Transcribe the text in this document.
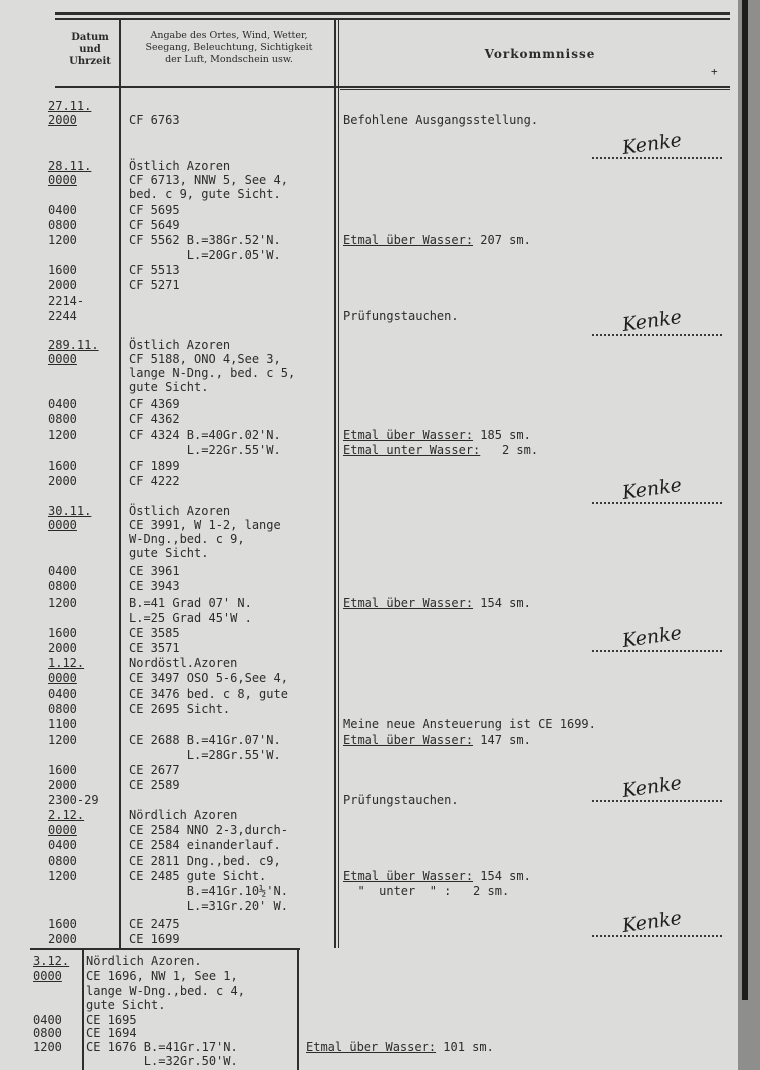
Datum
und
Uhrzeit
Angabe des Ortes, Wind, Wetter,
Seegang, Beleuchtung, Sichtigkeit
der Luft, Mondschein usw.	Vorkommnisse
+
27.11.
2000	CF 6763	Befohlene Ausgangsstellung.
28.11.	Östlich Azoren
0000	CF 6713, NNW 5, See 4,
bed. c 9, gute Sicht.
0400	CF 5695
0800	CF 5649
1200	CF 5562 B.=38Gr.52'N.	Etmal über Wasser: 207 sm.
L.=20Gr.05'W.
1600	CF 5513
2000	CF 5271
2214-
2244	Prüfungstauchen.
289.11.	Östlich Azoren
0000	CF 5188, ONO 4,See 3,
lange N-Dng., bed. c 5,
gute Sicht.
0400	CF 4369
0800	CF 4362
1200	CF 4324 B.=40Gr.02'N.	Etmal über Wasser: 185 sm.
L.=22Gr.55'W.	Etmal unter Wasser:   2 sm.
1600	CF 1899
2000	CF 4222
30.11.	Östlich Azoren
0000	CE 3991, W 1-2, lange
W-Dng.,bed. c 9,
gute Sicht.
0400	CE 3961
0800	CE 3943
1200	B.=41 Grad 07' N.	Etmal über Wasser: 154 sm.
L.=25 Grad 45'W .
1600	CE 3585
2000	CE 3571
1.12.	Nordöstl.Azoren
0000	CE 3497 OSO 5-6,See 4,
0400	CE 3476 bed. c 8, gute
0800	CE 2695 Sicht.
1100	Meine neue Ansteuerung ist CE 1699.
1200	CE 2688 B.=41Gr.07'N.	Etmal über Wasser: 147 sm.
L.=28Gr.55'W.
1600	CE 2677
2000	CE 2589
2300-29	Prüfungstauchen.
2.12.	Nördlich Azoren
0000	CE 2584 NNO 2-3,durch-
0400	CE 2584 einanderlauf.
0800	CE 2811 Dng.,bed. c9,
1200	CE 2485 gute Sicht.	Etmal über Wasser: 154 sm.
B.=41Gr.10½'N.	"  unter  " :   2 sm.
L.=31Gr.20' W.
1600	CE 2475
2000	CE 1699
3.12. Nördlich Azoren.
0000 CE 1696, NW 1, See 1,
lange W-Dng.,bed. c 4,
gute Sicht.
0400 CE 1695
0800 CE 1694
1200 CE 1676 B.=41Gr.17'N.	Etmal über Wasser: 101 sm.
L.=32Gr.50'W.
Kenke
Kenke
Kenke
Kenke
Kenke
Kenke
